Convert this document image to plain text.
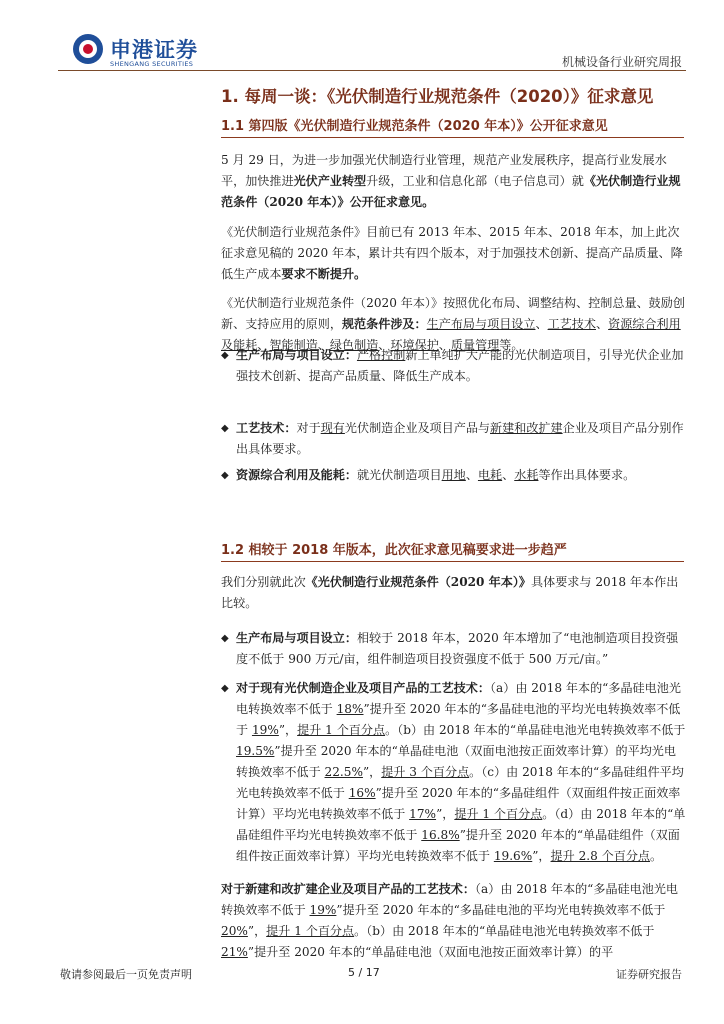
申港证券
SHENGANG SECURITIES	机械设备行业研究周报
1. 每周一谈：《光伏制造行业规范条件（2020）》征求意见
1.1 第四版《光伏制造行业规范条件（2020 年本）》公开征求意见
5 月 29 日，为进一步加强光伏制造行业管理，规范产业发展秩序，提高行业发展水平，加快推进光伏产业转型升级，工业和信息化部（电子信息司）就《光伏制造行业规范条件（2020 年本）》公开征求意见。
《光伏制造行业规范条件》目前已有 2013 年本、2015 年本、2018 年本，加上此次征求意见稿的 2020 年本，累计共有四个版本，对于加强技术创新、提高产品质量、降低生产成本要求不断提升。
《光伏制造行业规范条件（2020 年本）》按照优化布局、调整结构、控制总量、鼓励创新、支持应用的原则，规范条件涉及：生产布局与项目设立、工艺技术、资源综合利用及能耗、智能制造、绿色制造、环境保护、质量管理等。
◆ 生产布局与项目设立：严格控制新上单纯扩大产能的光伏制造项目，引导光伏企业加强技术创新、提高产品质量、降低生产成本。
◆ 工艺技术：对于现有光伏制造企业及项目产品与新建和改扩建企业及项目产品分别作出具体要求。
◆ 资源综合利用及能耗：就光伏制造项目用地、电耗、水耗等作出具体要求。
1.2 相较于 2018 年版本，此次征求意见稿要求进一步趋严
我们分别就此次《光伏制造行业规范条件（2020 年本）》具体要求与 2018 年本作出比较。
◆ 生产布局与项目设立：相较于 2018 年本，2020 年本增加了“电池制造项目投资强度不低于 900 万元/亩，组件制造项目投资强度不低于 500 万元/亩。”
◆ 对于现有光伏制造企业及项目产品的工艺技术：（a）由 2018 年本的“多晶硅电池光电转换效率不低于 18%”提升至 2020 年本的“多晶硅电池的平均光电转换效率不低于 19%”，提升 1 个百分点。（b）由 2018 年本的“单晶硅电池光电转换效率不低于 19.5%”提升至 2020 年本的“单晶硅电池（双面电池按正面效率计算）的平均光电转换效率不低于 22.5%”，提升 3 个百分点。（c）由 2018 年本的“多晶硅组件平均光电转换效率不低于 16%”提升至 2020 年本的“多晶硅组件（双面组件按正面效率计算）平均光电转换效率不低于 17%”，提升 1 个百分点。（d）由 2018 年本的“单晶硅组件平均光电转换效率不低于 16.8%”提升至 2020 年本的“单晶硅组件（双面组件按正面效率计算）平均光电转换效率不低于 19.6%”，提升 2.8 个百分点。
对于新建和改扩建企业及项目产品的工艺技术：（a）由 2018 年本的“多晶硅电池光电转换效率不低于 19%”提升至 2020 年本的“多晶硅电池的平均光电转换效率不低于 20%”，提升 1 个百分点。（b）由 2018 年本的“单晶硅电池光电转换效率不低于 21%”提升至 2020 年本的“单晶硅电池（双面电池按正面效率计算）的平
敬请参阅最后一页免责声明	5 / 17	证券研究报告
